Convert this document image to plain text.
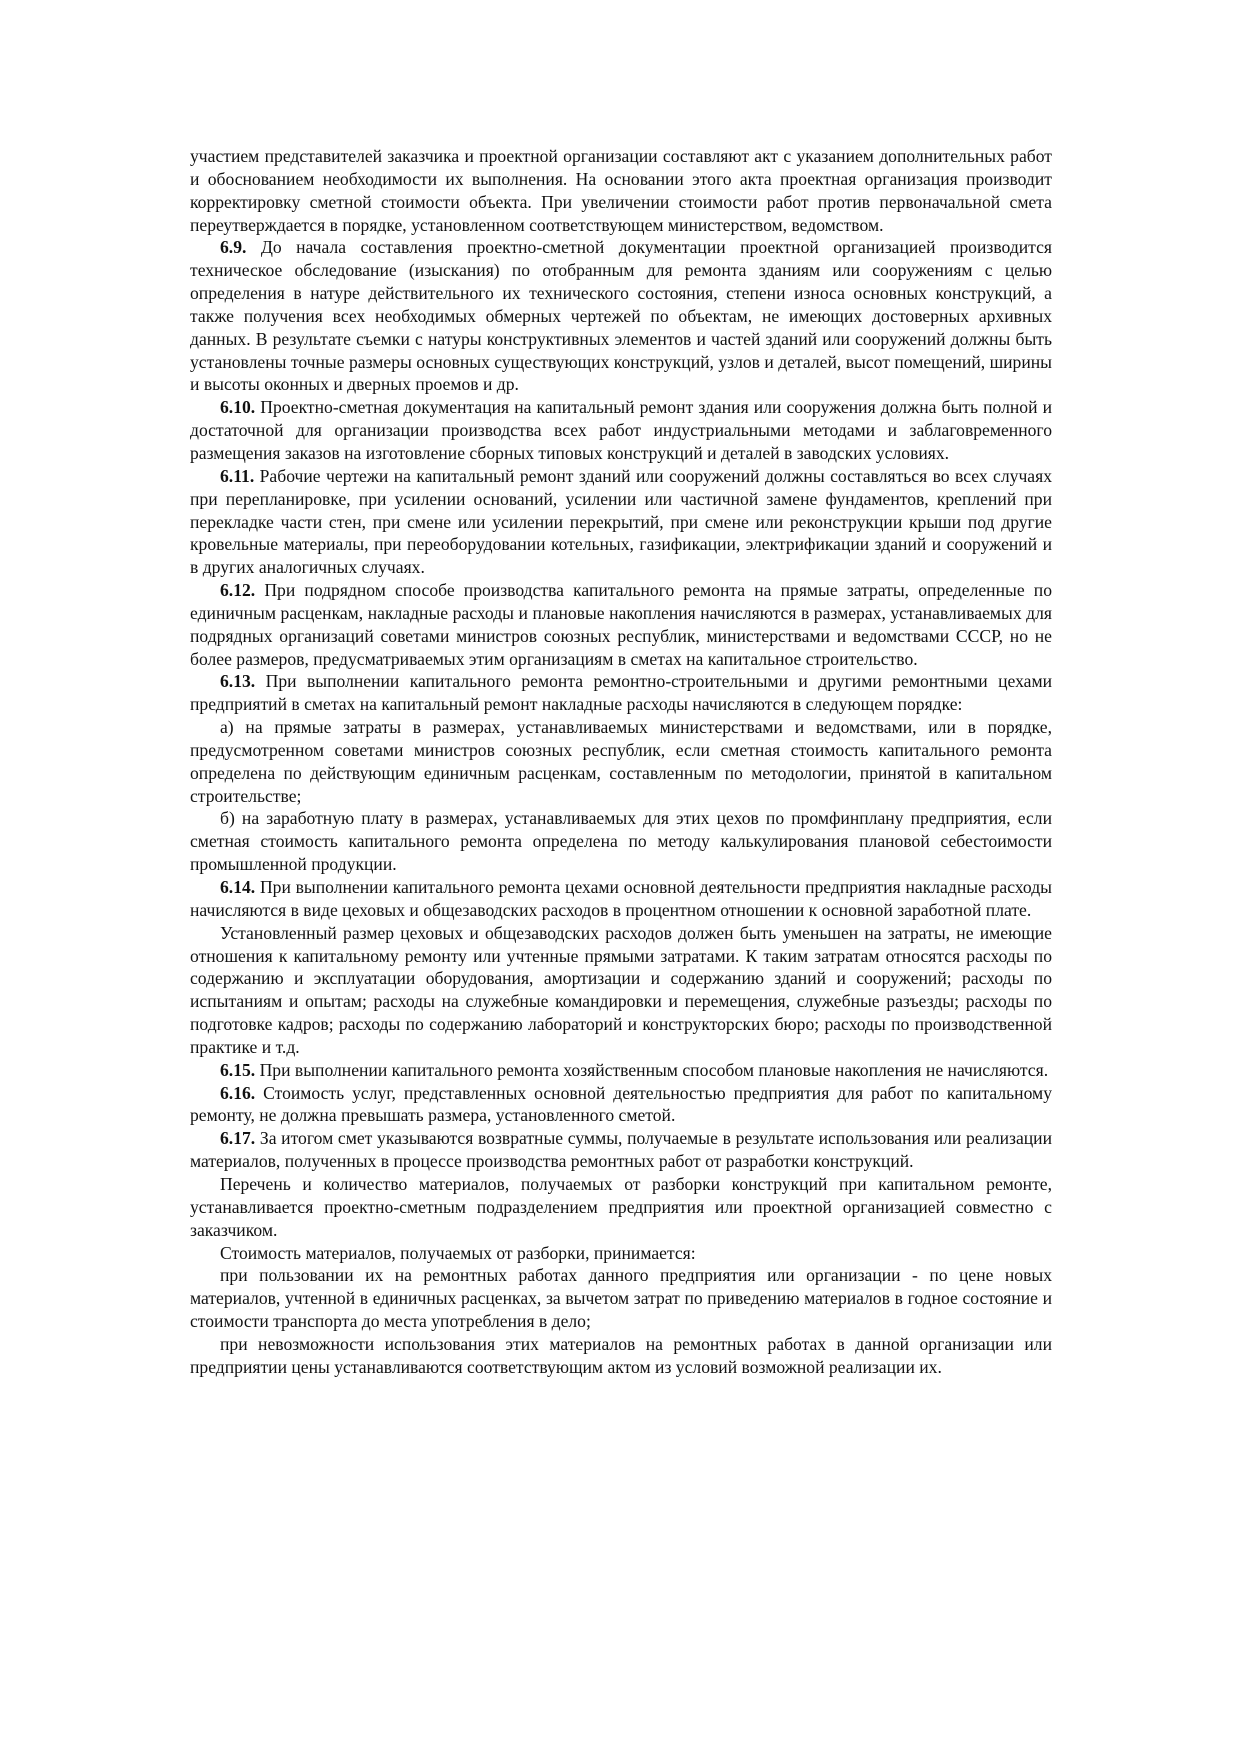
участием представителей заказчика и проектной организации составляют акт с указанием дополнительных работ и обоснованием необходимости их выполнения. На основании этого акта проектная организация производит корректировку сметной стоимости объекта. При увеличении стоимости работ против первоначальной смета переутверждается в порядке, установленном соответствующем министерством, ведомством.

6.9. До начала составления проектно-сметной документации проектной организацией производится техническое обследование (изыскания) по отобранным для ремонта зданиям или сооружениям с целью определения в натуре действительного их технического состояния, степени износа основных конструкций, а также получения всех необходимых обмерных чертежей по объектам, не имеющих достоверных архивных данных. В результате съемки с натуры конструктивных элементов и частей зданий или сооружений должны быть установлены точные размеры основных существующих конструкций, узлов и деталей, высот помещений, ширины и высоты оконных и дверных проемов и др.

6.10. Проектно-сметная документация на капитальный ремонт здания или сооружения должна быть полной и достаточной для организации производства всех работ индустриальными методами и заблаговременного размещения заказов на изготовление сборных типовых конструкций и деталей в заводских условиях.

6.11. Рабочие чертежи на капитальный ремонт зданий или сооружений должны составляться во всех случаях при перепланировке, при усилении оснований, усилении или частичной замене фундаментов, креплений при перекладке части стен, при смене или усилении перекрытий, при смене или реконструкции крыши под другие кровельные материалы, при переоборудовании котельных, газификации, электрификации зданий и сооружений и в других аналогичных случаях.

6.12. При подрядном способе производства капитального ремонта на прямые затраты, определенные по единичным расценкам, накладные расходы и плановые накопления начисляются в размерах, устанавливаемых для подрядных организаций советами министров союзных республик, министерствами и ведомствами СССР, но не более размеров, предусматриваемых этим организациям в сметах на капитальное строительство.

6.13. При выполнении капитального ремонта ремонтно-строительными и другими ремонтными цехами предприятий в сметах на капитальный ремонт накладные расходы начисляются в следующем порядке:

а) на прямые затраты в размерах, устанавливаемых министерствами и ведомствами, или в порядке, предусмотренном советами министров союзных республик, если сметная стоимость капитального ремонта определена по действующим единичным расценкам, составленным по методологии, принятой в капитальном строительстве;

б) на заработную плату в размерах, устанавливаемых для этих цехов по промфинплану предприятия, если сметная стоимость капитального ремонта определена по методу калькулирования плановой себестоимости промышленной продукции.

6.14. При выполнении капитального ремонта цехами основной деятельности предприятия накладные расходы начисляются в виде цеховых и общезаводских расходов в процентном отношении к основной заработной плате.

Установленный размер цеховых и общезаводских расходов должен быть уменьшен на затраты, не имеющие отношения к капитальному ремонту или учтенные прямыми затратами. К таким затратам относятся расходы по содержанию и эксплуатации оборудования, амортизации и содержанию зданий и сооружений; расходы по испытаниям и опытам; расходы на служебные командировки и перемещения, служебные разъезды; расходы по подготовке кадров; расходы по содержанию лабораторий и конструкторских бюро; расходы по производственной практике и т.д.

6.15. При выполнении капитального ремонта хозяйственным способом плановые накопления не начисляются.

6.16. Стоимость услуг, представленных основной деятельностью предприятия для работ по капитальному ремонту, не должна превышать размера, установленного сметой.

6.17. За итогом смет указываются возвратные суммы, получаемые в результате использования или реализации материалов, полученных в процессе производства ремонтных работ от разработки конструкций.

Перечень и количество материалов, получаемых от разборки конструкций при капитальном ремонте, устанавливается проектно-сметным подразделением предприятия или проектной организацией совместно с заказчиком.

Стоимость материалов, получаемых от разборки, принимается:

при пользовании их на ремонтных работах данного предприятия или организации - по цене новых материалов, учтенной в единичных расценках, за вычетом затрат по приведению материалов в годное состояние и стоимости транспорта до места употребления в дело;

при невозможности использования этих материалов на ремонтных работах в данной организации или предприятии цены устанавливаются соответствующим актом из условий возможной реализации их.
